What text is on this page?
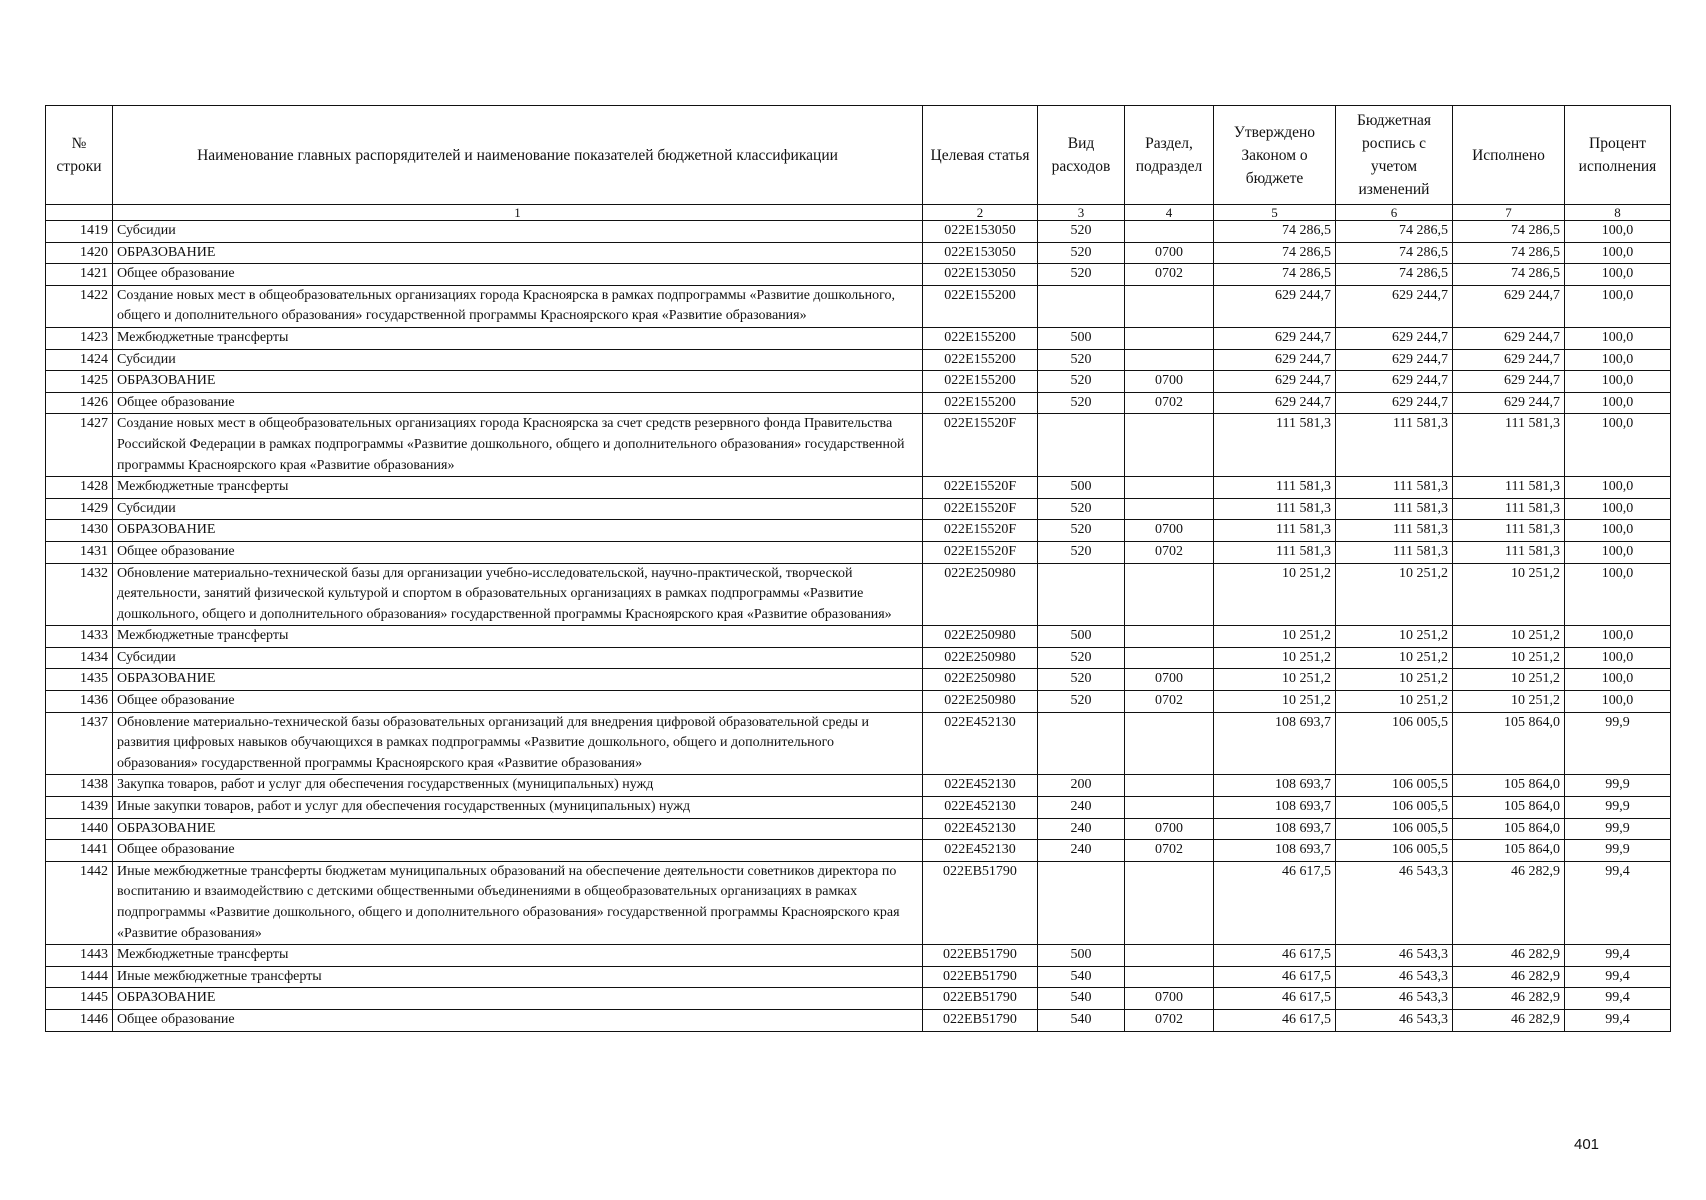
№ строки	Наименование главных распорядителей и наименование показателей бюджетной классификации	Целевая статья	Вид расходов	Раздел, подраздел	Утверждено Законом о бюджете	Бюджетная роспись с учетом изменений	Исполнено	Процент исполнения
	1	2	3	4	5	6	7	8
1419	Субсидии	022E153050	520		74 286,5	74 286,5	74 286,5	100,0
1420	ОБРАЗОВАНИЕ	022E153050	520	0700	74 286,5	74 286,5	74 286,5	100,0
1421	Общее образование	022E153050	520	0702	74 286,5	74 286,5	74 286,5	100,0
1422	Создание новых мест в общеобразовательных организациях города Красноярска в рамках подпрограммы «Развитие дошкольного, общего и дополнительного образования» государственной программы Красноярского края «Развитие образования»	022E155200			629 244,7	629 244,7	629 244,7	100,0
1423	Межбюджетные трансферты	022E155200	500		629 244,7	629 244,7	629 244,7	100,0
1424	Субсидии	022E155200	520		629 244,7	629 244,7	629 244,7	100,0
1425	ОБРАЗОВАНИЕ	022E155200	520	0700	629 244,7	629 244,7	629 244,7	100,0
1426	Общее образование	022E155200	520	0702	629 244,7	629 244,7	629 244,7	100,0
1427	Создание новых мест в общеобразовательных организациях города Красноярска за счет средств резервного фонда Правительства Российской Федерации в рамках подпрограммы «Развитие дошкольного, общего и дополнительного образования» государственной программы Красноярского края «Развитие образования»	022E15520F			111 581,3	111 581,3	111 581,3	100,0
1428	Межбюджетные трансферты	022E15520F	500		111 581,3	111 581,3	111 581,3	100,0
1429	Субсидии	022E15520F	520		111 581,3	111 581,3	111 581,3	100,0
1430	ОБРАЗОВАНИЕ	022E15520F	520	0700	111 581,3	111 581,3	111 581,3	100,0
1431	Общее образование	022E15520F	520	0702	111 581,3	111 581,3	111 581,3	100,0
1432	Обновление материально-технической базы для организации учебно-исследовательской, научно-практической, творческой деятельности, занятий физической культурой и спортом в образовательных организациях в рамках подпрограммы «Развитие дошкольного, общего и дополнительного образования» государственной программы Красноярского края «Развитие образования»	022E250980			10 251,2	10 251,2	10 251,2	100,0
1433	Межбюджетные трансферты	022E250980	500		10 251,2	10 251,2	10 251,2	100,0
1434	Субсидии	022E250980	520		10 251,2	10 251,2	10 251,2	100,0
1435	ОБРАЗОВАНИЕ	022E250980	520	0700	10 251,2	10 251,2	10 251,2	100,0
1436	Общее образование	022E250980	520	0702	10 251,2	10 251,2	10 251,2	100,0
1437	Обновление материально-технической базы образовательных организаций для внедрения цифровой образовательной среды и развития цифровых навыков обучающихся в рамках подпрограммы «Развитие дошкольного, общего и дополнительного образования» государственной программы Красноярского края «Развитие образования»	022E452130			108 693,7	106 005,5	105 864,0	99,9
1438	Закупка товаров, работ и услуг для обеспечения государственных (муниципальных) нужд	022E452130	200		108 693,7	106 005,5	105 864,0	99,9
1439	Иные закупки товаров, работ и услуг для обеспечения государственных (муниципальных) нужд	022E452130	240		108 693,7	106 005,5	105 864,0	99,9
1440	ОБРАЗОВАНИЕ	022E452130	240	0700	108 693,7	106 005,5	105 864,0	99,9
1441	Общее образование	022E452130	240	0702	108 693,7	106 005,5	105 864,0	99,9
1442	Иные межбюджетные трансферты бюджетам муниципальных образований на обеспечение деятельности советников директора по воспитанию и взаимодействию с детскими общественными объединениями в общеобразовательных организациях в рамках подпрограммы «Развитие дошкольного, общего и дополнительного образования» государственной программы Красноярского края «Развитие образования»	022EB51790			46 617,5	46 543,3	46 282,9	99,4
1443	Межбюджетные трансферты	022EB51790	500		46 617,5	46 543,3	46 282,9	99,4
1444	Иные межбюджетные трансферты	022EB51790	540		46 617,5	46 543,3	46 282,9	99,4
1445	ОБРАЗОВАНИЕ	022EB51790	540	0700	46 617,5	46 543,3	46 282,9	99,4
1446	Общее образование	022EB51790	540	0702	46 617,5	46 543,3	46 282,9	99,4
401
